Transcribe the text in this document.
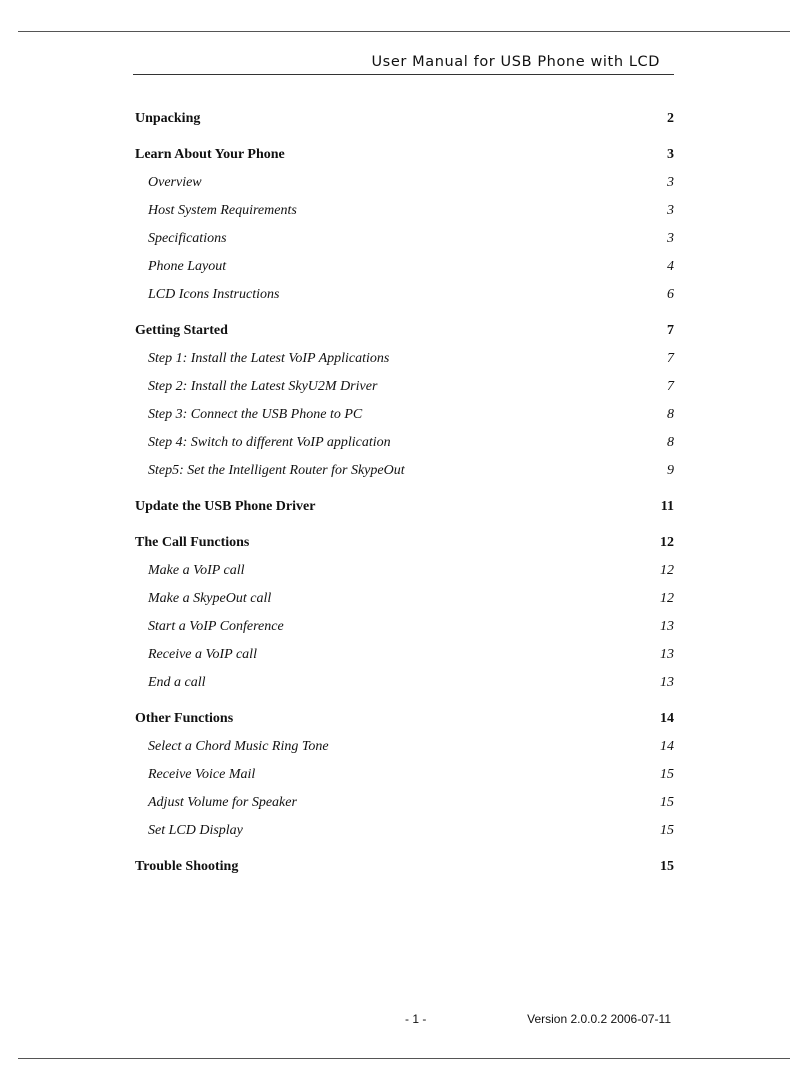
User Manual for USB Phone with LCD
Unpacking	2
Learn About Your Phone	3
Overview	3
Host System Requirements	3
Specifications	3
Phone Layout	4
LCD Icons Instructions	6
Getting Started	7
Step 1: Install the Latest VoIP Applications	7
Step 2: Install the Latest SkyU2M Driver	7
Step 3: Connect the USB Phone to PC	8
Step 4: Switch to different VoIP application	8
Step5: Set the Intelligent Router for SkypeOut	9
Update the USB Phone Driver	11
The Call Functions	12
Make a VoIP call	12
Make a SkypeOut call	12
Start a VoIP Conference	13
Receive a VoIP call	13
End a call	13
Other Functions	14
Select a Chord Music Ring Tone	14
Receive Voice Mail	15
Adjust Volume for Speaker	15
Set LCD Display	15
Trouble Shooting	15
- 1 -	Version 2.0.0.2 2006-07-11
